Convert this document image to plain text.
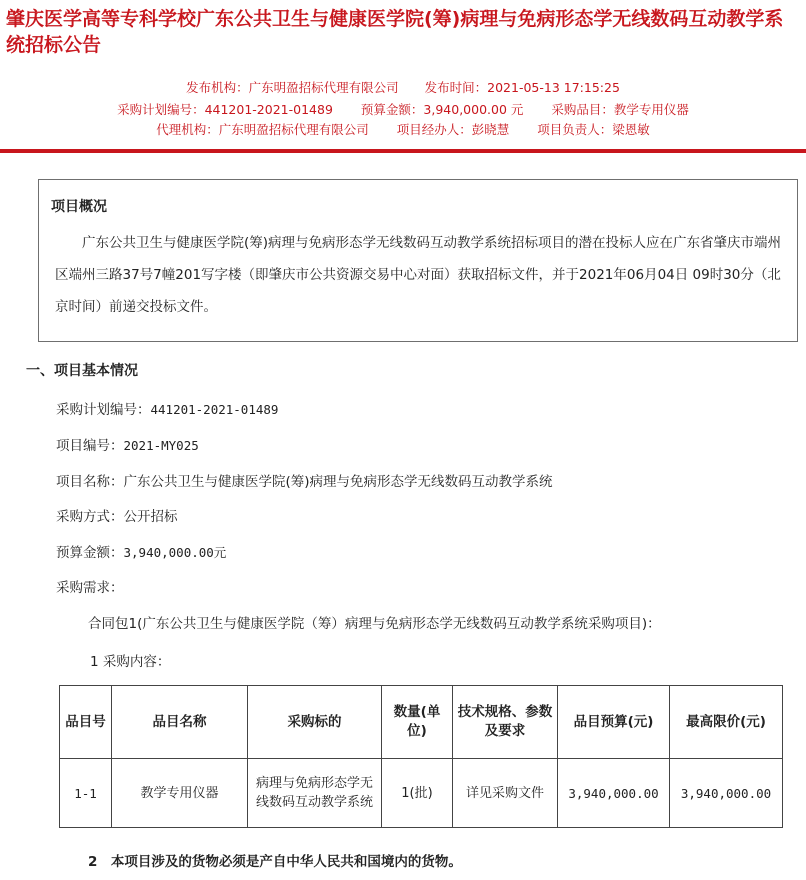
肇庆医学高等专科学校广东公共卫生与健康医学院(筹)病理与免病形态学无线数码互动教学系统招标公告
发布机构：广东明盈招标代理有限公司 发布时间：2021-05-13 17:15:25
采购计划编号：441201-2021-01489 预算金额：3,940,000.00 元 采购品目：教学专用仪器
代理机构：广东明盈招标代理有限公司 项目经办人：彭晓慧 项目负责人：梁恩敏
项目概况
广东公共卫生与健康医学院(筹)病理与免病形态学无线数码互动教学系统招标项目的潜在投标人应在广东省肇庆市端州区端州三路37号7幢201写字楼（即肇庆市公共资源交易中心对面）获取招标文件，并于2021年06月04日 09时30分（北京时间）前递交投标文件。
一、项目基本情况
采购计划编号：441201-2021-01489
项目编号：2021-MY025
项目名称：广东公共卫生与健康医学院(筹)病理与免病形态学无线数码互动教学系统
采购方式：公开招标
预算金额：3,940,000.00元
采购需求：
合同包1(广东公共卫生与健康医学院（筹）病理与免病形态学无线数码互动教学系统采购项目)：
1 采购内容：
品目号	品目名称	采购标的	数量(单位)	技术规格、参数及要求	品目预算(元)	最高限价(元)
1-1	教学专用仪器	病理与免病形态学无线数码互动教学系统	1(批)	详见采购文件	3,940,000.00	3,940,000.00
2　本项目涉及的货物必须是产自中华人民共和国境内的货物。
